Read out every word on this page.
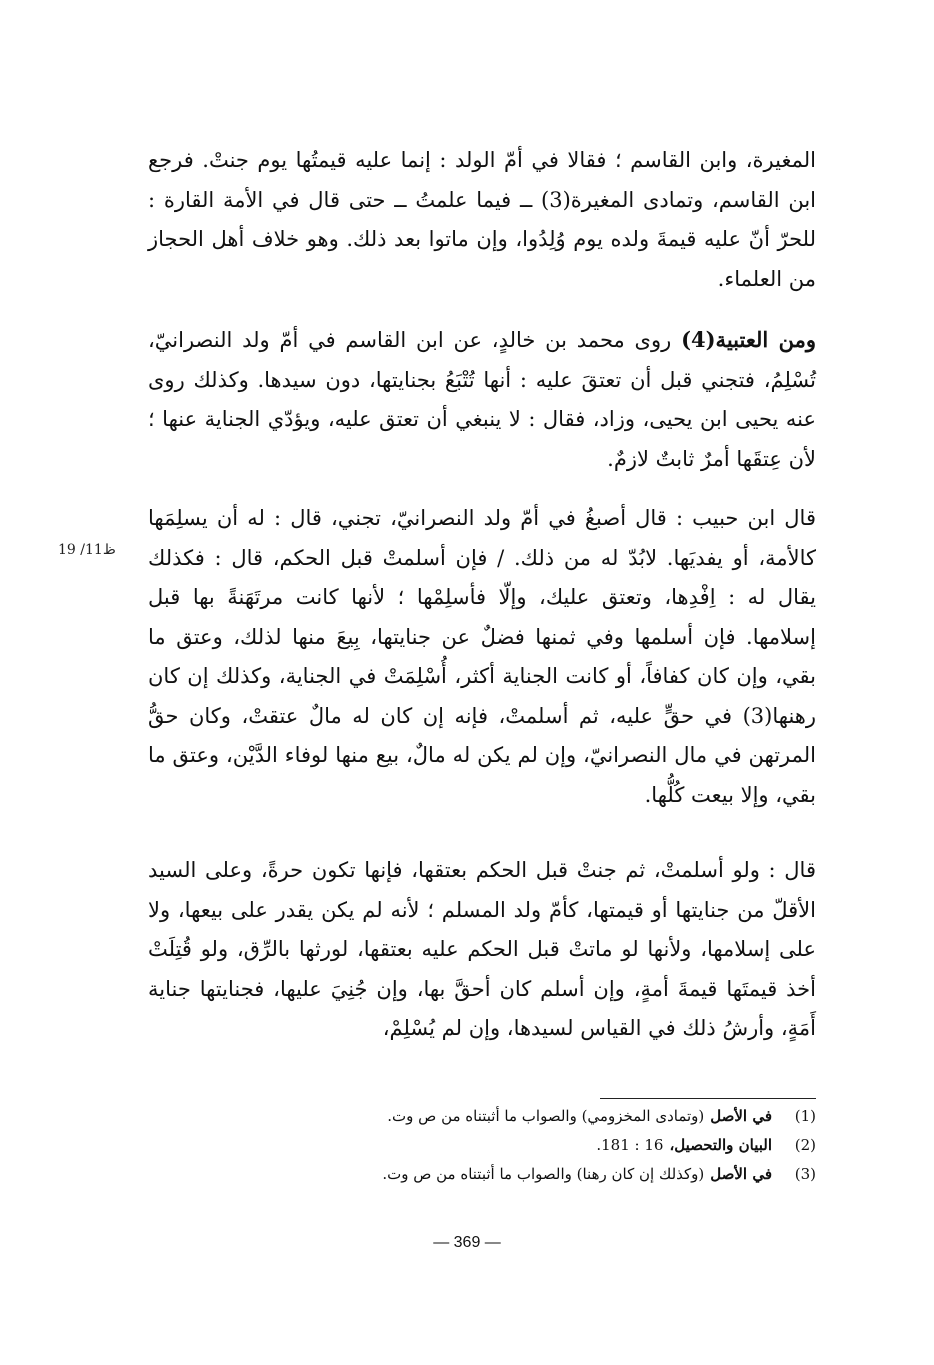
المغيرة، وابن القاسم ؛ فقالا في أمّ الولد : إنما عليه قيمتُها يوم جنتْ. فرجع ابن القاسم، وتمادى المغيرة(3) ــ فيما علمتُ ــ حتى قال في الأمة القارة : للحرّ أنّ عليه قيمةَ ولده يوم وُلِدُوا، وإن ماتوا بعد ذلك. وهو خلاف أهل الحجاز من العلماء.

ومن العتبية(4) روى محمد بن خالدٍ، عن ابن القاسم في أمّ ولد النصرانيّ، تُسْلِمُ، فتجني قبل أن تعتقَ عليه : أنها تُتْبَعُ بجنايتها، دون سيدها. وكذلك روى عنه يحيى ابن يحيى، وزاد، فقال : لا ينبغي أن تعتق عليه، ويؤدّي الجناية عنها ؛ لأن عِتقَها أمرٌ ثابتٌ لازمٌ.

قال ابن حبيب : قال أصبغُ في أمّ ولد النصرانيّ، تجني، قال : له أن يسلِمَها كالأمة، أو يفديَها. لابُدّ له من ذلك. / فإن أسلمتْ قبل الحكم، قال : فكذلك يقال له : اِفْدِها، وتعتق عليك، وإلّا فأسلِمْها ؛ لأنها كانت مرتَهَنةً بها قبل إسلامها. فإن أسلمها وفي ثمنها فضلٌ عن جنايتها، بِيعَ منها لذلك، وعتق ما بقي، وإن كان كفافاً، أو كانت الجناية أكثر، أُسْلِمَتْ في الجناية، وكذلك إن كان رهنها(3) في حقٍّ عليه، ثم أسلمتْ، فإنه إن كان له مالٌ عتقتْ، وكان حقُّ المرتهن في مال النصرانيّ، وإن لم يكن له مالٌ، بيع منها لوفاء الدَّيْن، وعتق ما بقي، وإلا بيعت كُلُّها.

ظ11/ 19

قال : ولو أسلمتْ، ثم جنتْ قبل الحكم بعتقها، فإنها تكون حرةً، وعلى السيد الأقلّ من جنايتها أو قيمتها، كأمّ ولد المسلم ؛ لأنه لم يكن يقدر على بيعها، ولا على إسلامها، ولأنها لو ماتتْ قبل الحكم عليه بعتقها، لورثها بالرِّق، ولو قُتِلَتْ أخذ قيمتَها قيمةَ أمةٍ، وإن أسلم كان أحقَّ بها، وإن جُنِيَ عليها، فجنايتها جناية أَمَةٍ، وأرشُ ذلك في القياس لسيدها، وإن لم يُسْلِمْ،

(1)
في الأصل
(وتمادى المخزومي) والصواب ما أثبتناه من ص وت.
(2)
البيان والتحصيل،
16 : 181.
(3)
في الأصل
(وكذلك إن كان رهنا) والصواب ما أثبتناه من ص وت.
— 369 —
